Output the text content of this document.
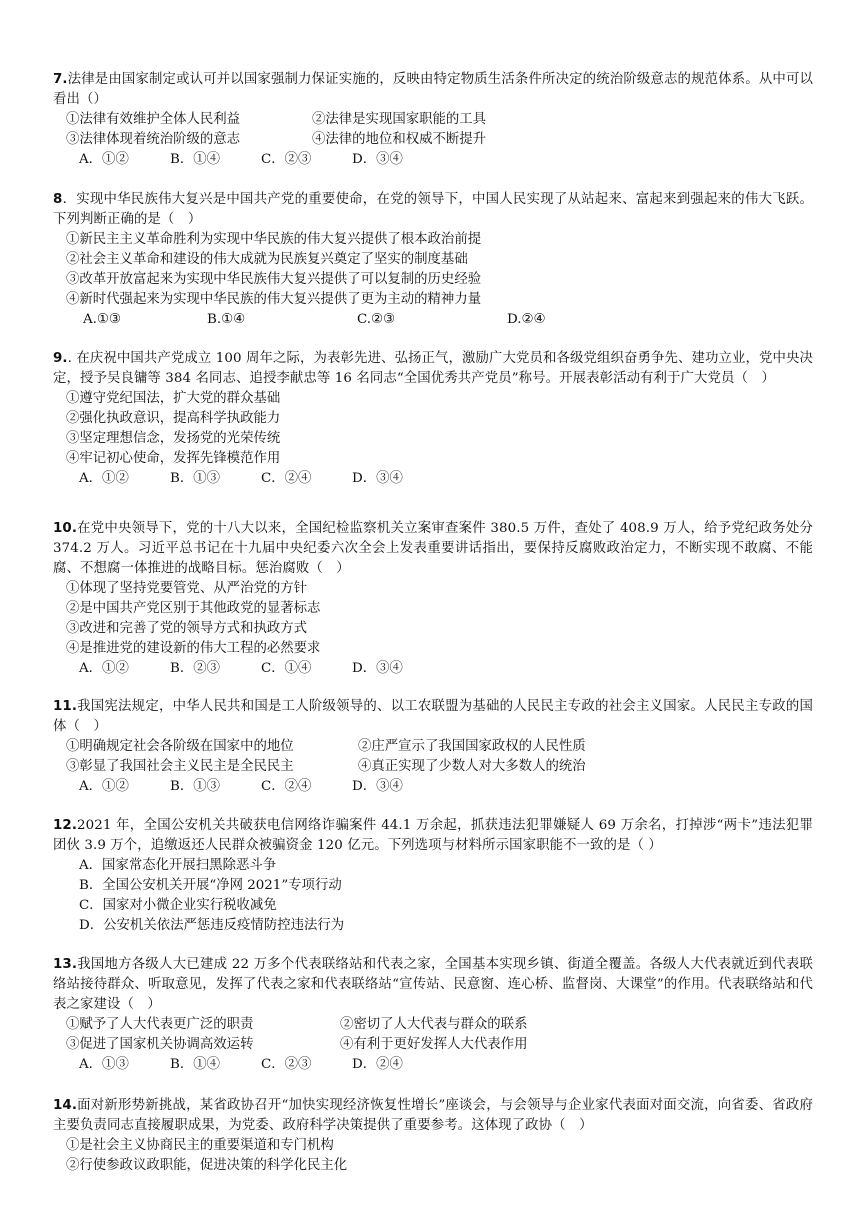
7.法律是由国家制定或认可并以国家强制力保证实施的，反映由特定物质生活条件所决定的统治阶级意志的规范体系。从中可以看出（）

①法律有效维护全体人民利益	②法律是实现国家职能的工具
③法律体现着统治阶级的意志	④法律的地位和权威不断提升
A．①②	B．①④	C．②③	D．③④

8．实现中华民族伟大复兴是中国共产党的重要使命，在党的领导下，中国人民实现了从站起来、富起来到强起来的伟大飞跃。下列判断正确的是（　）

①新民主主义革命胜利为实现中华民族的伟大复兴提供了根本政治前提
②社会主义革命和建设的伟大成就为民族复兴奠定了坚实的制度基础
③改革开放富起来为实现中华民族伟大复兴提供了可以复制的历史经验
④新时代强起来为实现中华民族的伟大复兴提供了更为主动的精神力量
A.①③	B.①④	C.②③	D.②④

9.. 在庆祝中国共产党成立 100 周年之际，为表彰先进、弘扬正气，激励广大党员和各级党组织奋勇争先、建功立业，党中央决定，授予吴良镛等 384 名同志、追授李献忠等 16 名同志“全国优秀共产党员”称号。开展表彰活动有利于广大党员（　）

①遵守党纪国法，扩大党的群众基础
②强化执政意识，提高科学执政能力
③坚定理想信念，发扬党的光荣传统
④牢记初心使命，发挥先锋模范作用
A．①②	B．①③	C．②④	D．③④

10.在党中央领导下，党的十八大以来，全国纪检监察机关立案审查案件 380.5 万件，查处了 408.9 万人，给予党纪政务处分 374.2 万人。习近平总书记在十九届中央纪委六次全会上发表重要讲话指出，要保持反腐败政治定力，不断实现不敢腐、不能腐、不想腐一体推进的战略目标。惩治腐败（　）

①体现了坚持党要管党、从严治党的方针
②是中国共产党区别于其他政党的显著标志
③改进和完善了党的领导方式和执政方式
④是推进党的建设新的伟大工程的必然要求
A．①②	B．②③	C．①④	D．③④

11.我国宪法规定，中华人民共和国是工人阶级领导的、以工农联盟为基础的人民民主专政的社会主义国家。人民民主专政的国体（　）

①明确规定社会各阶级在国家中的地位	②庄严宣示了我国国家政权的人民性质
③彰显了我国社会主义民主是全民民主	④真正实现了少数人对大多数人的统治
A．①②	B．①③	C．②④	D．③④

12.2021 年，全国公安机关共破获电信网络诈骗案件 44.1 万余起，抓获违法犯罪嫌疑人 69 万余名，打掉涉“两卡”违法犯罪团伙 3.9 万个，追缴返还人民群众被骗资金 120 亿元。下列选项与材料所示国家职能不一致的是（ ）

A．国家常态化开展扫黑除恶斗争
B．全国公安机关开展“净网 2021”专项行动
C．国家对小微企业实行税收减免
D．公安机关依法严惩违反疫情防控违法行为

13.我国地方各级人大已建成 22 万多个代表联络站和代表之家，全国基本实现乡镇、街道全覆盖。各级人大代表就近到代表联络站接待群众、听取意见，发挥了代表之家和代表联络站“宣传站、民意窗、连心桥、监督岗、大课堂”的作用。代表联络站和代表之家建设（　）

①赋予了人大代表更广泛的职责	②密切了人大代表与群众的联系
③促进了国家机关协调高效运转	④有利于更好发挥人大代表作用
A．①③	B．①④	C．②③	D．②④

14.面对新形势新挑战，某省政协召开“加快实现经济恢复性增长”座谈会，与会领导与企业家代表面对面交流，向省委、省政府主要负责同志直接履职成果，为党委、政府科学决策提供了重要参考。这体现了政协（　）

①是社会主义协商民主的重要渠道和专门机构
②行使参政议政职能，促进决策的科学化民主化
